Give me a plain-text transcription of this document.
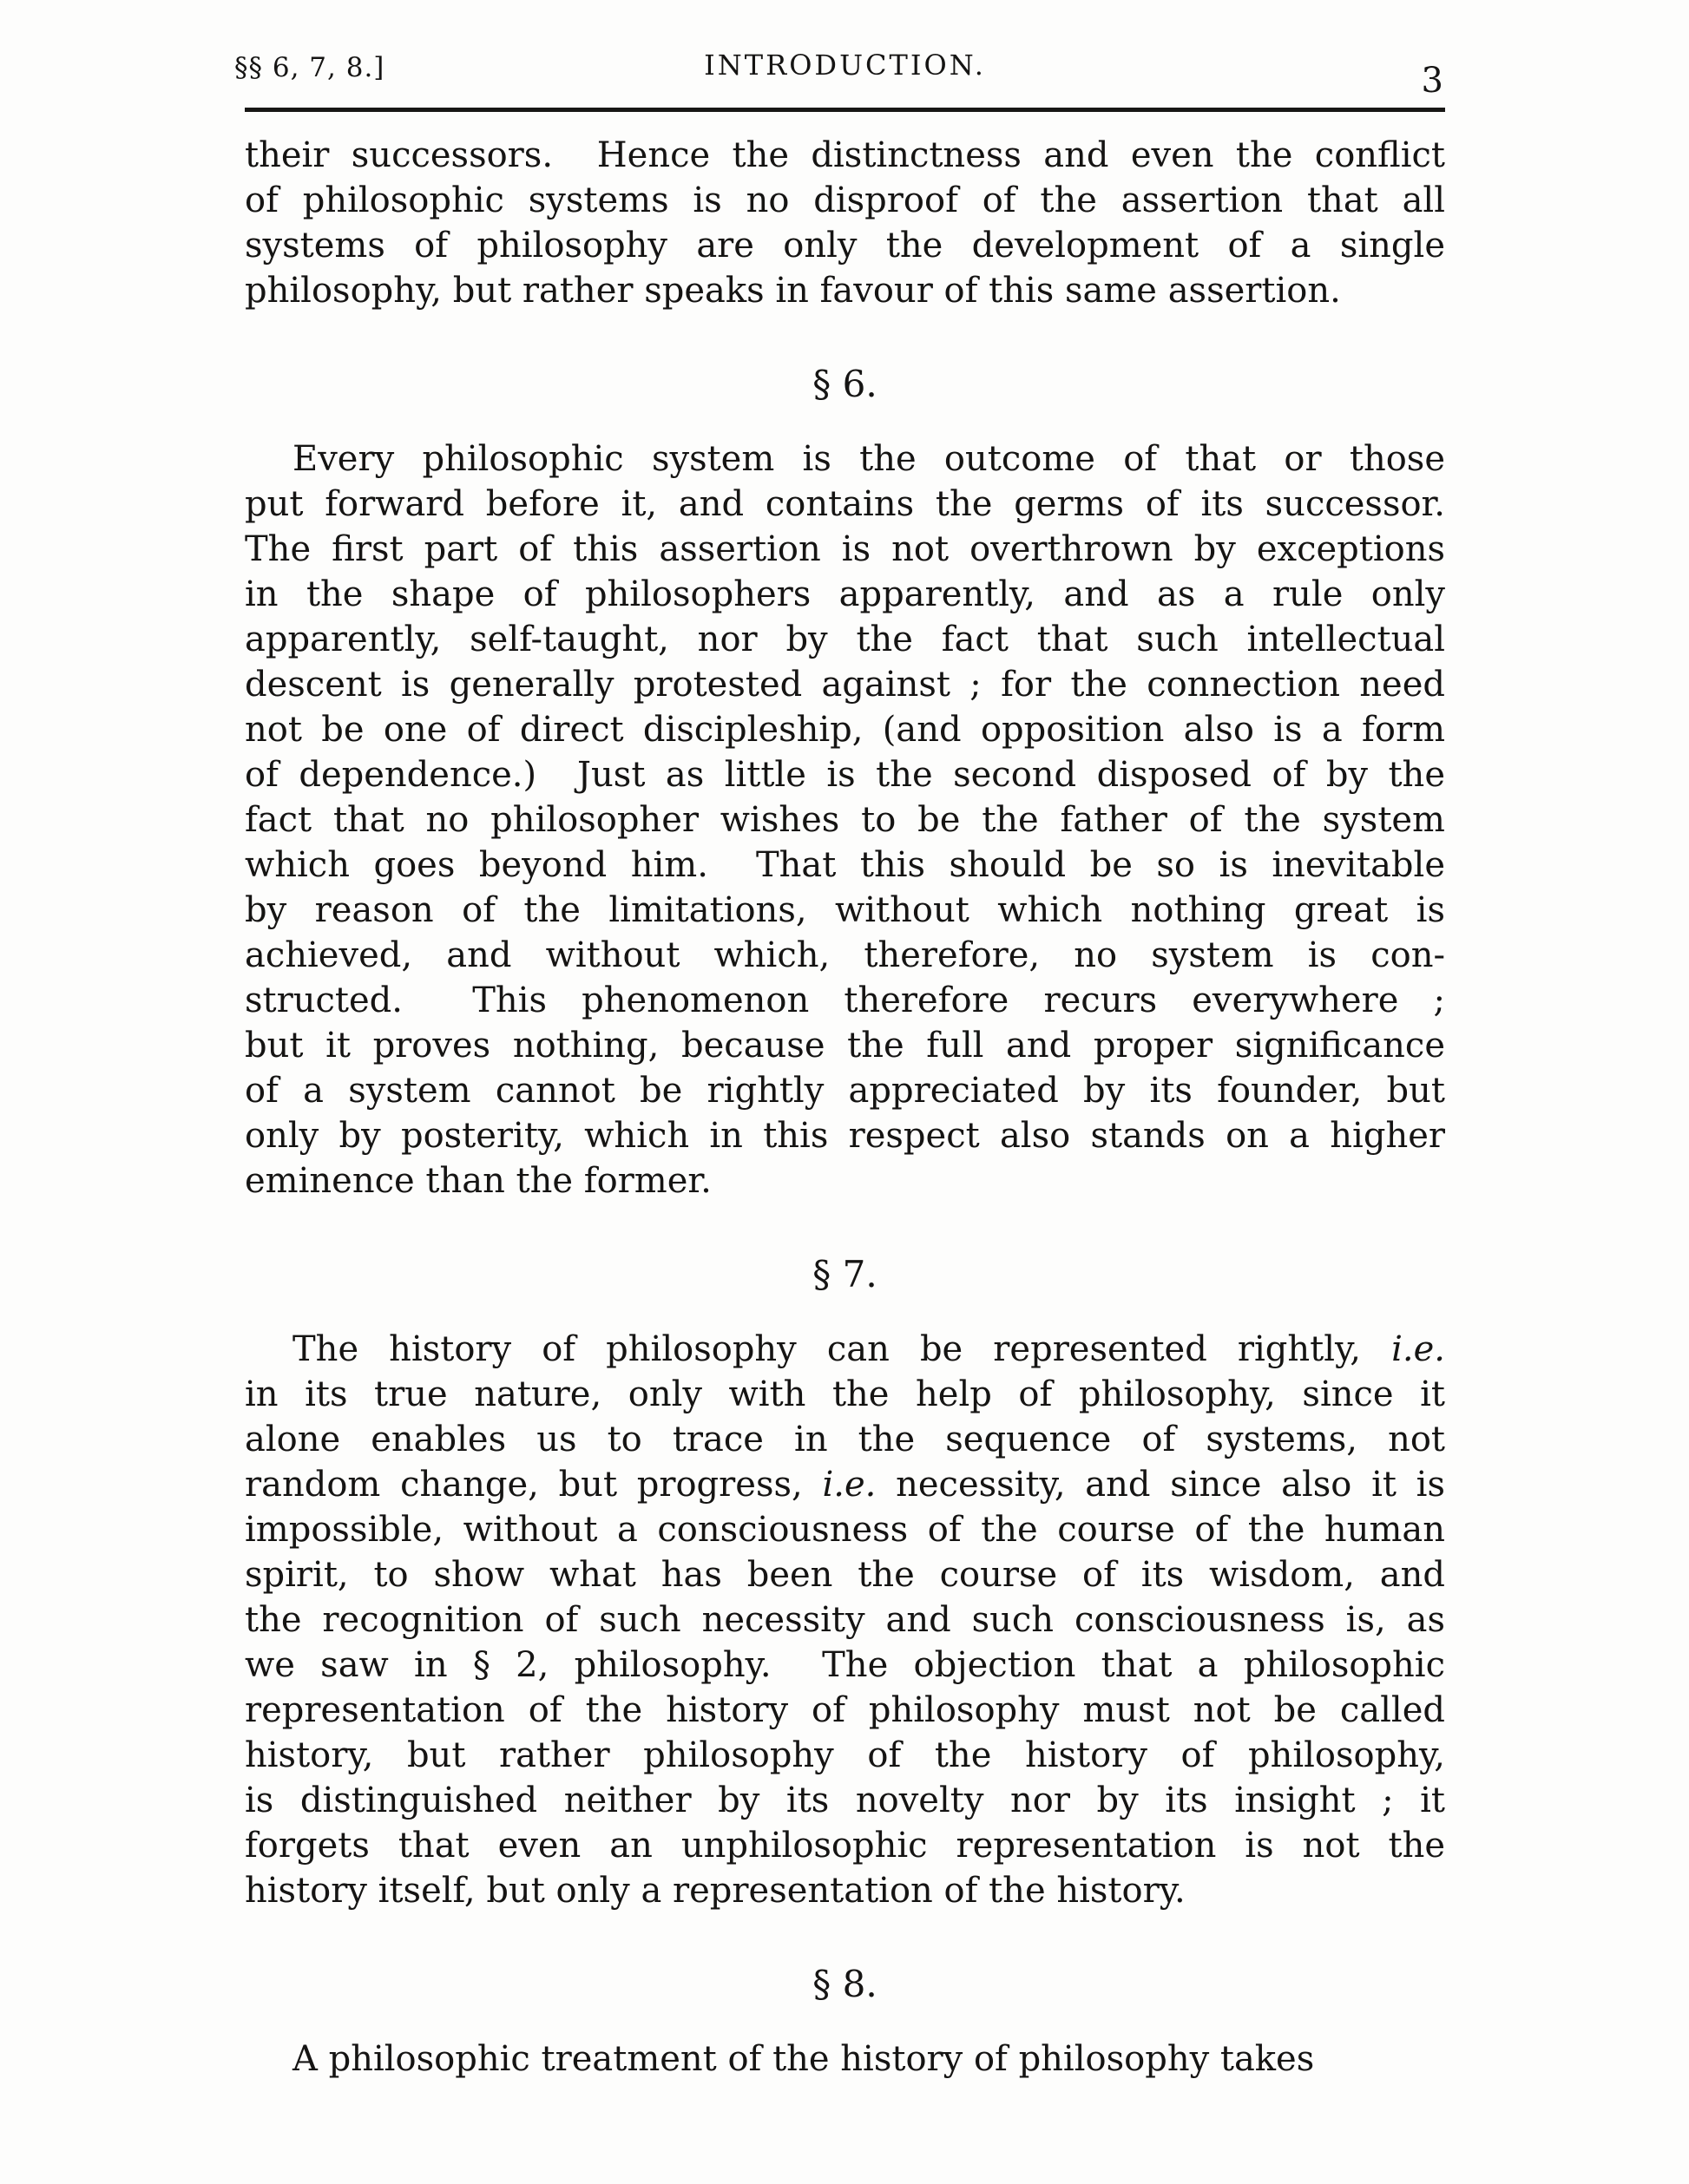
§§ 6, 7, 8.]	INTRODUCTION.	3
their successors.  Hence the distinctness and even the conflict
of philosophic systems is no disproof of the assertion that all
systems of philosophy are only the development of a single
philosophy, but rather speaks in favour of this same assertion.
§ 6.
Every philosophic system is the outcome of that or those
put forward before it, and contains the germs of its successor.
The first part of this assertion is not overthrown by exceptions
in the shape of philosophers apparently, and as a rule only
apparently, self-taught, nor by the fact that such intellectual
descent is generally protested against ; for the connection need
not be one of direct discipleship, (and opposition also is a form
of dependence.)  Just as little is the second disposed of by the
fact that no philosopher wishes to be the father of the system
which goes beyond him.  That this should be so is inevitable
by reason of the limitations, without which nothing great is
achieved, and without which, therefore, no system is con-
structed.  This phenomenon therefore recurs everywhere ;
but it proves nothing, because the full and proper significance
of a system cannot be rightly appreciated by its founder, but
only by posterity, which in this respect also stands on a higher
eminence than the former.
§ 7.
The history of philosophy can be represented rightly, i.e.
in its true nature, only with the help of philosophy, since it
alone enables us to trace in the sequence of systems, not
random change, but progress, i.e. necessity, and since also it is
impossible, without a consciousness of the course of the human
spirit, to show what has been the course of its wisdom, and
the recognition of such necessity and such consciousness is, as
we saw in § 2, philosophy.  The objection that a philosophic
representation of the history of philosophy must not be called
history, but rather philosophy of the history of philosophy,
is distinguished neither by its novelty nor by its insight ; it
forgets that even an unphilosophic representation is not the
history itself, but only a representation of the history.
§ 8.
A philosophic treatment of the history of philosophy takes
